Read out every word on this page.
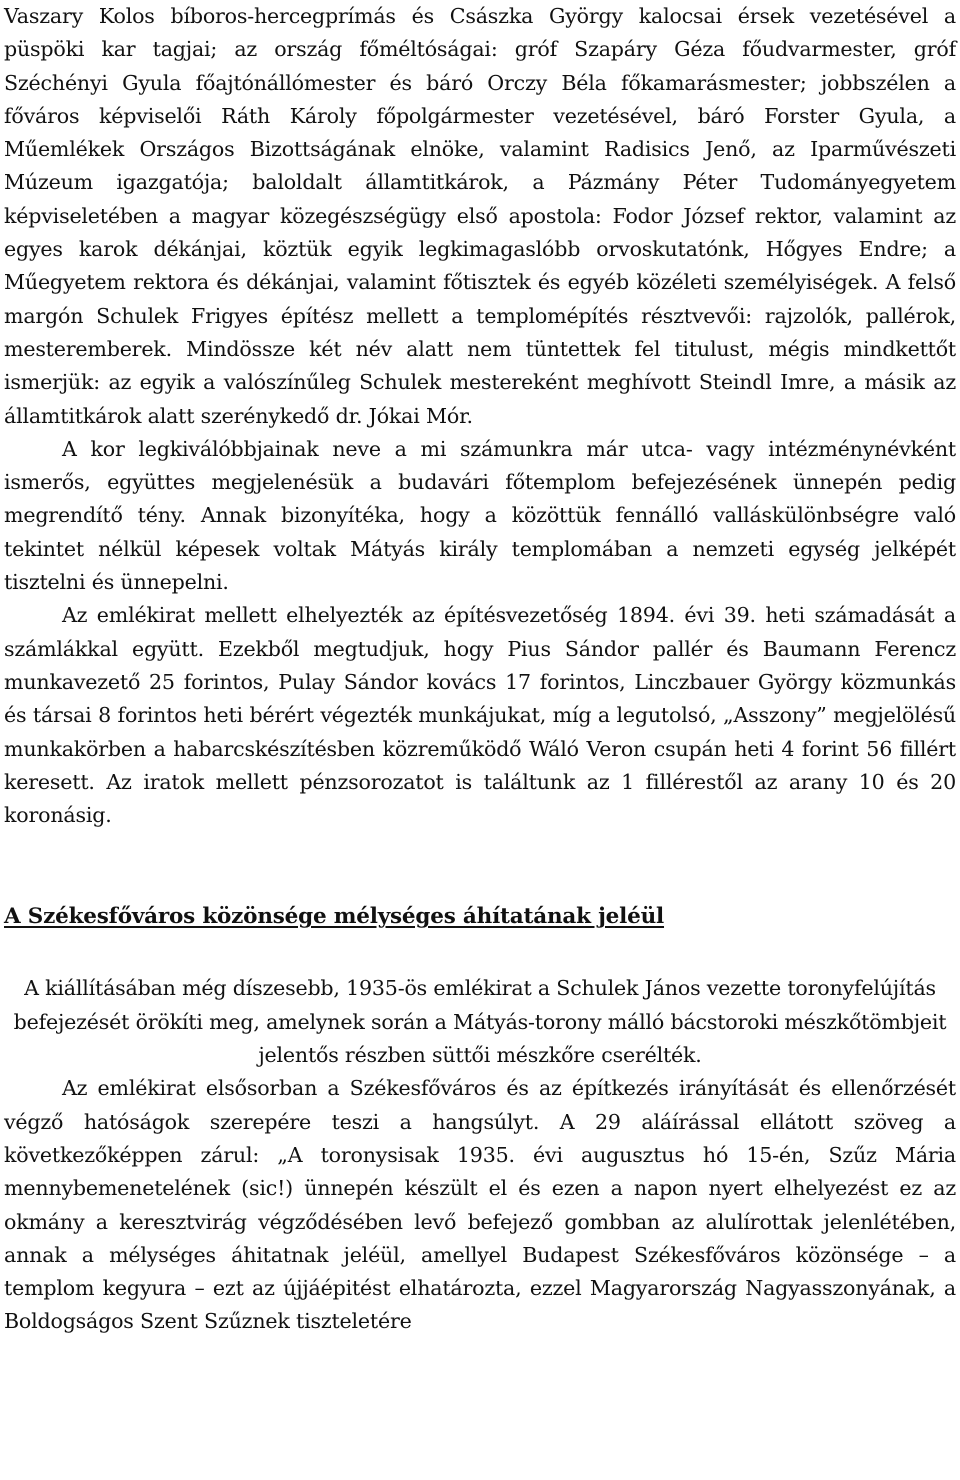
Vaszary Kolos bíboros-hercegprímás és Császka György kalocsai érsek vezetésével a püspöki kar tagjai; az ország főméltóságai: gróf Szapáry Géza főudvarmester, gróf Széchényi Gyula főajtónállómester és báró Orczy Béla főkamarásmester; jobbszélen a főváros képviselői Ráth Károly főpolgármester vezetésével, báró Forster Gyula, a Műemlékek Országos Bizottságának elnöke, valamint Radisics Jenő, az Iparművészeti Múzeum igazgatója; baloldalt államtitkárok, a Pázmány Péter Tudományegyetem képviseletében a magyar közegészségügy első apostola: Fodor József rektor, valamint az egyes karok dékánjai, köztük egyik legkimagaslóbb orvoskutatónk, Hőgyes Endre; a Műegyetem rektora és dékánjai, valamint főtisztek és egyéb közéleti személyiségek. A felső margón Schulek Frigyes építész mellett a templomépítés résztvevői: rajzolók, pallérok, mesteremberek. Mindössze két név alatt nem tüntettek fel titulust, mégis mindkettőt ismerjük: az egyik a valószínűleg Schulek mestereként meghívott Steindl Imre, a másik az államtitkárok alatt szerénykedő dr. Jókai Mór.

A kor legkiválóbbjainak neve a mi számunkra már utca- vagy intézménynévként ismerős, együttes megjelenésük a budavári főtemplom befejezésének ünnepén pedig megrendítő tény. Annak bizonyítéka, hogy a közöttük fennálló valláskülönbségre való tekintet nélkül képesek voltak Mátyás király templomában a nemzeti egység jelképét tisztelni és ünnepelni.

Az emlékirat mellett elhelyezték az építésvezetőség 1894. évi 39. heti számadását a számlákkal együtt. Ezekből megtudjuk, hogy Pius Sándor pallér és Baumann Ferencz munkavezető 25 forintos, Pulay Sándor kovács 17 forintos, Linczbauer György közmunkás és társai 8 forintos heti bérért végezték munkájukat, míg a legutolsó, „Asszony” megjelölésű munkakörben a habarcskészítésben közreműködő Wáló Veron csupán heti 4 forint 56 fillért keresett. Az iratok mellett pénzsorozatot is találtunk az 1 fillérestől az arany 10 és 20 koronásig.

A Székesfőváros közönsége mélységes áhítatának jeléül

A kiállításában még díszesebb, 1935-ös emlékirat a Schulek János vezette toronyfelújítás befejezését örökíti meg, amelynek során a Mátyás-torony málló bácstoroki mészkőtömbjeit jelentős részben süttői mészkőre cserélték.

Az emlékirat elsősorban a Székesfőváros és az építkezés irányítását és ellenőrzését végző hatóságok szerepére teszi a hangsúlyt. A 29 aláírással ellátott szöveg a következőképpen zárul: „A toronysisak 1935. évi augusztus hó 15-én, Szűz Mária mennybemenetelének (sic!) ünnepén készült el és ezen a napon nyert elhelyezést ez az okmány a keresztvirág végződésében levő befejező gombban az alulírottak jelenlétében, annak a mélységes áhitatnak jeléül, amellyel Budapest Székesfőváros közönsége – a templom kegyura – ezt az újjáépitést elhatározta, ezzel Magyarország Nagyasszonyának, a Boldogságos Szent Szűznek tiszteletére
